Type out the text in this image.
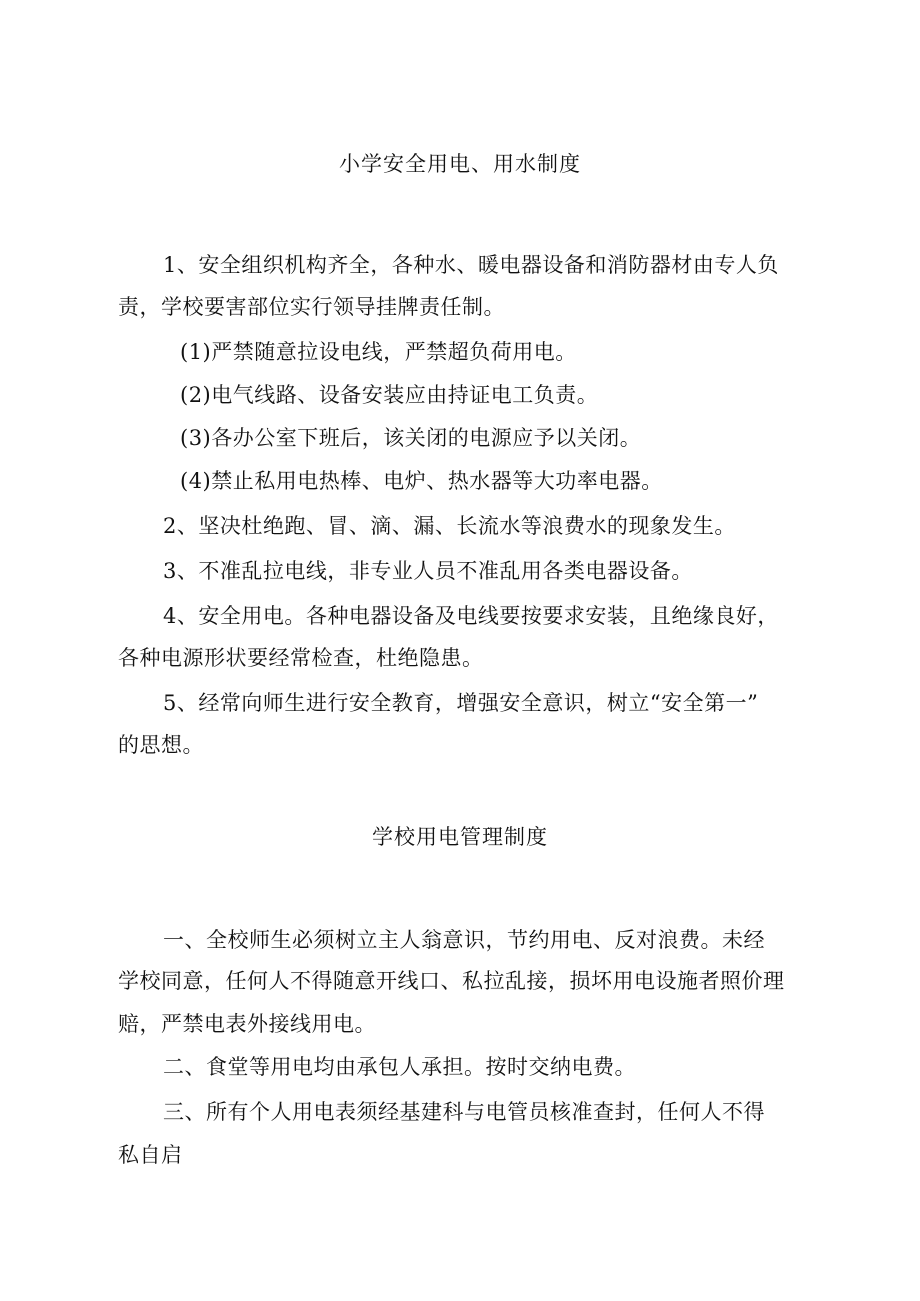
小学安全用电、用水制度
1、安全组织机构齐全，各种水、暖电器设备和消防器材由专人负
责，学校要害部位实行领导挂牌责任制。
(1)严禁随意拉设电线，严禁超负荷用电。
(2)电气线路、设备安装应由持证电工负责。
(3)各办公室下班后，该关闭的电源应予以关闭。
(4)禁止私用电热棒、电炉、热水器等大功率电器。
2、坚决杜绝跑、冒、滴、漏、长流水等浪费水的现象发生。
3、不准乱拉电线，非专业人员不准乱用各类电器设备。
4、安全用电。各种电器设备及电线要按要求安装，且绝缘良好，
各种电源形状要经常检查，杜绝隐患。
5、经常向师生进行安全教育，增强安全意识，树立“安全第一”
的思想。
学校用电管理制度
一、全校师生必须树立主人翁意识，节约用电、反对浪费。未经
学校同意，任何人不得随意开线口、私拉乱接，损坏用电设施者照价理
赔，严禁电表外接线用电。
二、食堂等用电均由承包人承担。按时交纳电费。
三、所有个人用电表须经基建科与电管员核准查封，任何人不得
私自启
